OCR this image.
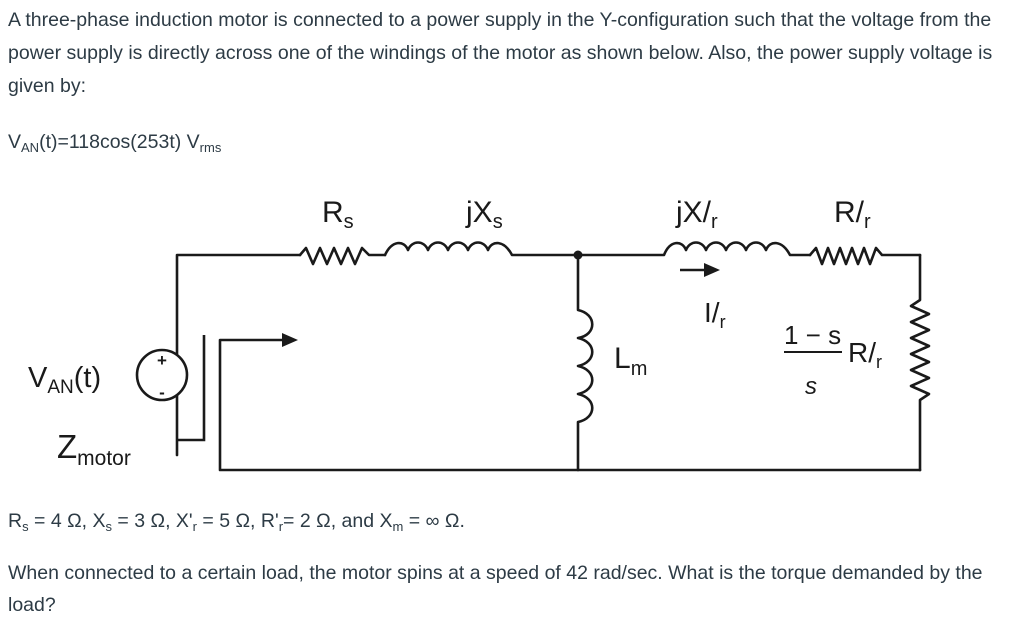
A three-phase induction motor is connected to a power supply in the Y-configuration such that the voltage from the power supply is directly across one of the windings of the motor as shown below. Also, the power supply voltage is given by:

$V_{AN}(t)=118\cos(253t)$ $V_{rms}$

+
-
$R_s$	$jX_s$	$jX/_r$	$R/_r$
$I/_r$
$L_m$
1 − s
s
$R/_r$
$V_{AN}(t)$
$Z_{motor}$

$R_s = 4$ Ω, $X_s = 3$ Ω, $X'_r = 5$ Ω, $R'_r= 2$ Ω, and $X_m$ = ∞ Ω.

When connected to a certain load, the motor spins at a speed of 42 rad/sec. What is the torque demanded by the load?
